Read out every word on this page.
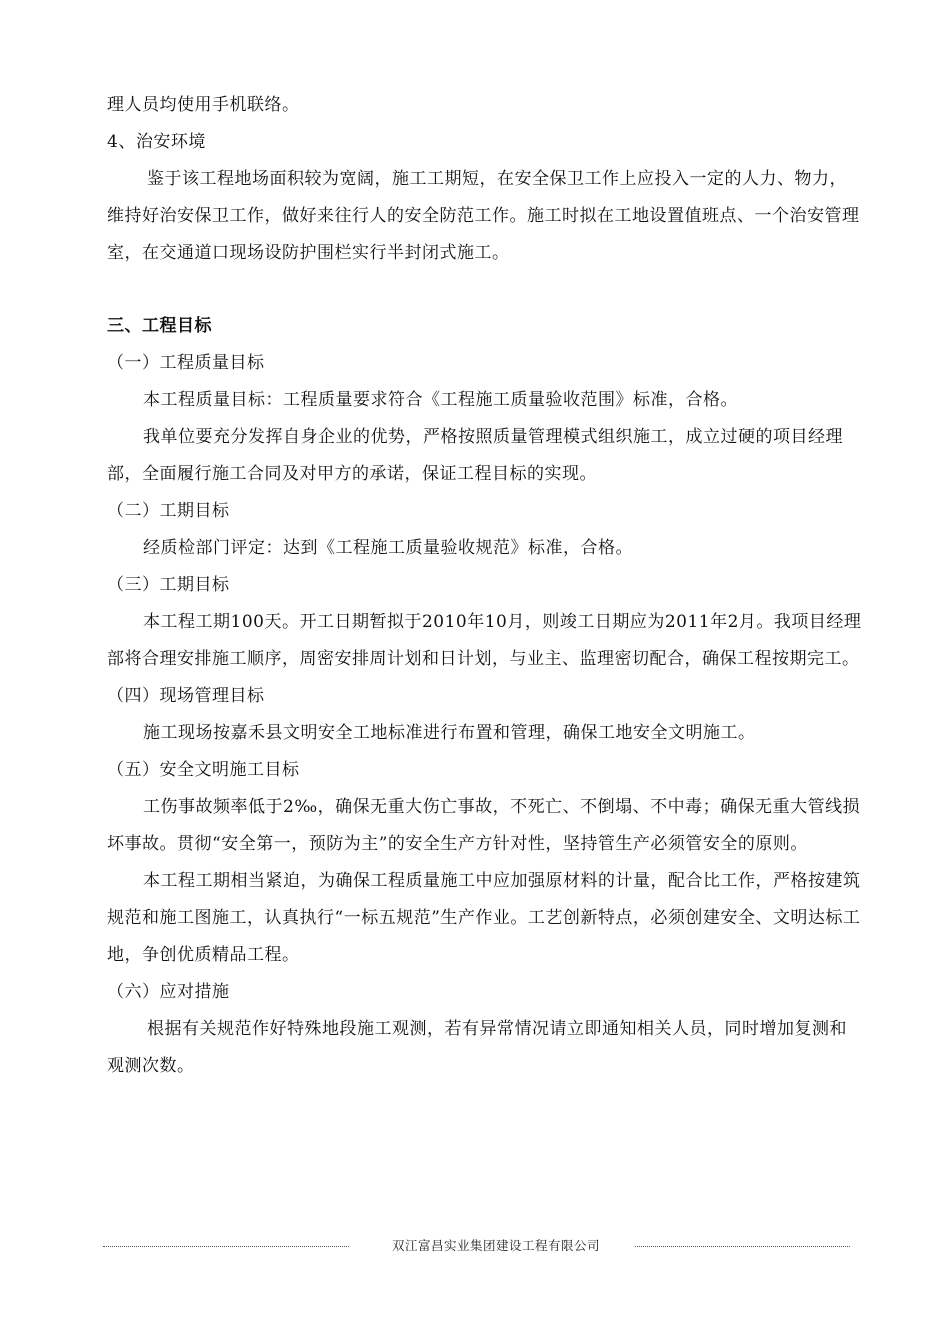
理人员均使用手机联络。

4、治安环境

鉴于该工程地场面积较为宽阔，施工工期短，在安全保卫工作上应投入一定的人力、物力，维持好治安保卫工作，做好来往行人的安全防范工作。施工时拟在工地设置值班点、一个治安管理室，在交通道口现场设防护围栏实行半封闭式施工。

三、工程目标

（一）工程质量目标

本工程质量目标：工程质量要求符合《工程施工质量验收范围》标准，合格。

我单位要充分发挥自身企业的优势，严格按照质量管理模式组织施工，成立过硬的项目经理部，全面履行施工合同及对甲方的承诺，保证工程目标的实现。

（二）工期目标

经质检部门评定：达到《工程施工质量验收规范》标准，合格。

（三）工期目标

本工程工期100天。开工日期暂拟于2010年10月，则竣工日期应为2011年2月。我项目经理部将合理安排施工顺序，周密安排周计划和日计划，与业主、监理密切配合，确保工程按期完工。

（四）现场管理目标

施工现场按嘉禾县文明安全工地标准进行布置和管理，确保工地安全文明施工。

（五）安全文明施工目标

工伤事故频率低于2‰，确保无重大伤亡事故，不死亡、不倒塌、不中毒；确保无重大管线损坏事故。贯彻“安全第一，预防为主”的安全生产方针对性，坚持管生产必须管安全的原则。

本工程工期相当紧迫，为确保工程质量施工中应加强原材料的计量，配合比工作，严格按建筑规范和施工图施工，认真执行“一标五规范”生产作业。工艺创新特点，必须创建安全、文明达标工地，争创优质精品工程。

（六）应对措施

根据有关规范作好特殊地段施工观测，若有异常情况请立即通知相关人员，同时增加复测和观测次数。

双江富昌实业集团建设工程有限公司
